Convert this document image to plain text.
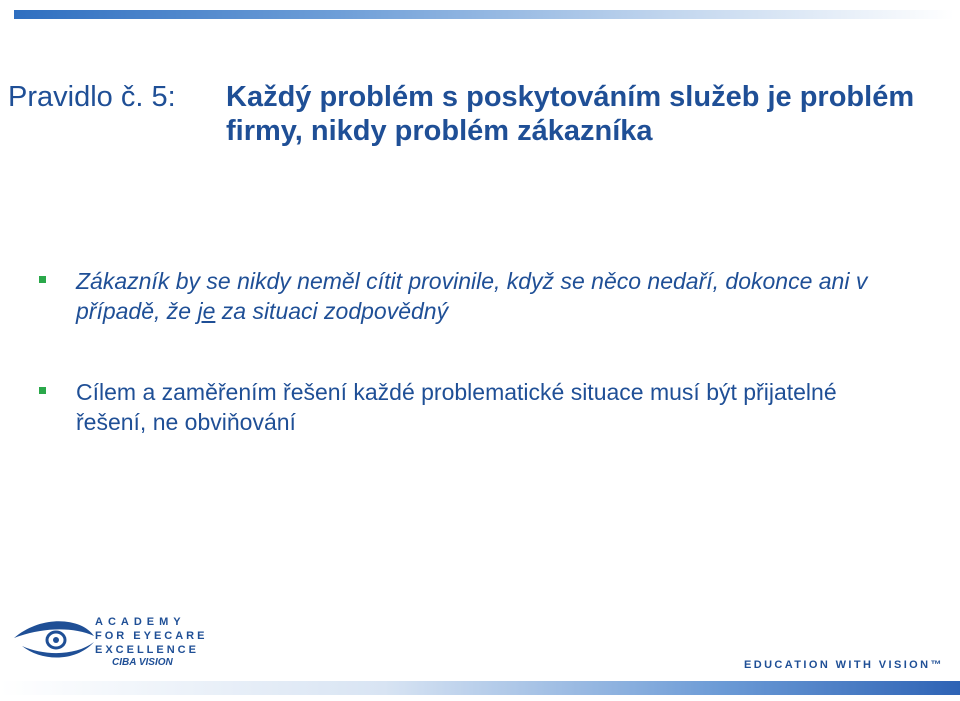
Pravidlo č. 5: Každý problém s poskytováním služeb je problém firmy, nikdy problém zákazníka
Zákazník by se nikdy neměl cítit provinile, když se něco nedaří, dokonce ani v případě, že je za situaci zodpovědný
Cílem a zaměřením řešení každé problematické situace musí být přijatelné řešení, ne obviňování
ACADEMY
FOR EYECARE
EXCELLENCE
CIBA VISION	EDUCATION WITH VISION™
